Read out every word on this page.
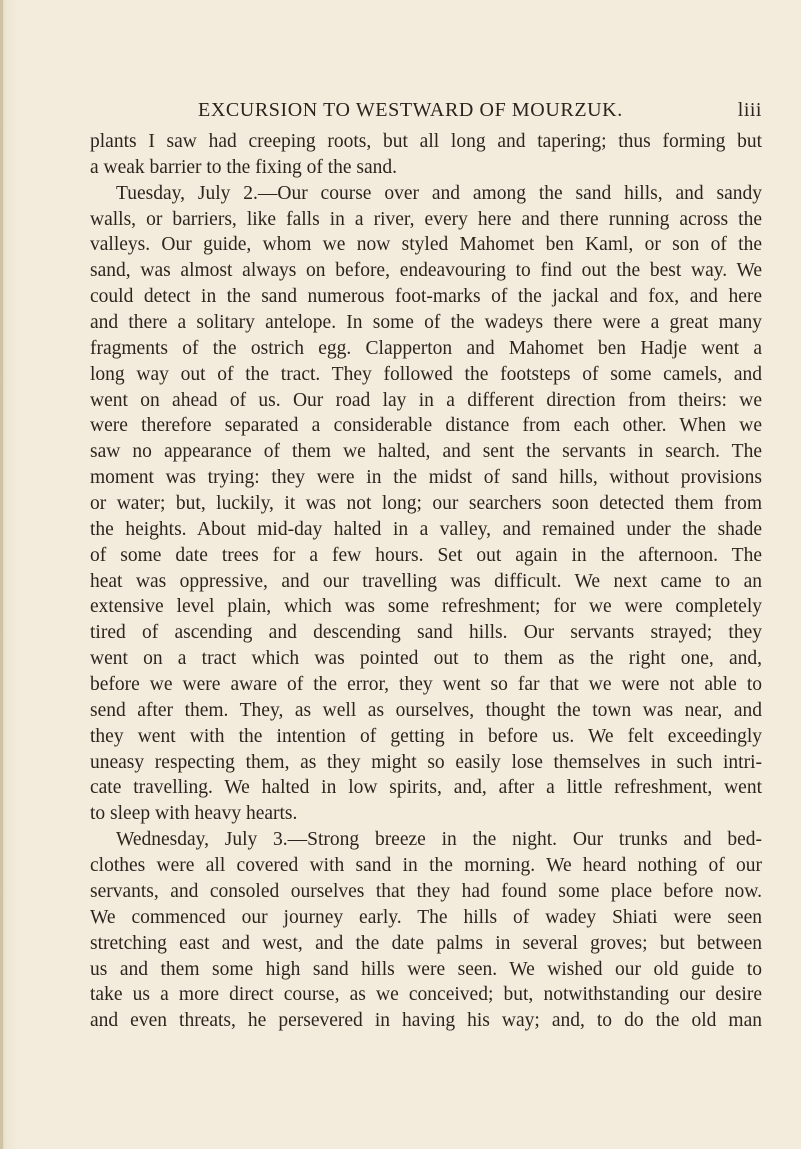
EXCURSION TO WESTWARD OF MOURZUK.	liii
plants I saw had creeping roots, but all long and tapering; thus forming but
a weak barrier to the fixing of the sand.
Tuesday, July 2.—Our course over and among the sand hills, and sandy
walls, or barriers, like falls in a river, every here and there running across the
valleys. Our guide, whom we now styled Mahomet ben Kaml, or son of the
sand, was almost always on before, endeavouring to find out the best way. We
could detect in the sand numerous foot-marks of the jackal and fox, and here
and there a solitary antelope. In some of the wadeys there were a great many
fragments of the ostrich egg. Clapperton and Mahomet ben Hadje went a
long way out of the tract. They followed the footsteps of some camels, and
went on ahead of us. Our road lay in a different direction from theirs: we
were therefore separated a considerable distance from each other. When we
saw no appearance of them we halted, and sent the servants in search. The
moment was trying: they were in the midst of sand hills, without provisions
or water; but, luckily, it was not long; our searchers soon detected them from
the heights. About mid-day halted in a valley, and remained under the shade
of some date trees for a few hours. Set out again in the afternoon. The
heat was oppressive, and our travelling was difficult. We next came to an
extensive level plain, which was some refreshment; for we were completely
tired of ascending and descending sand hills. Our servants strayed; they
went on a tract which was pointed out to them as the right one, and,
before we were aware of the error, they went so far that we were not able to
send after them. They, as well as ourselves, thought the town was near, and
they went with the intention of getting in before us. We felt exceedingly
uneasy respecting them, as they might so easily lose themselves in such intri-
cate travelling. We halted in low spirits, and, after a little refreshment, went
to sleep with heavy hearts.
Wednesday, July 3.—Strong breeze in the night. Our trunks and bed-
clothes were all covered with sand in the morning. We heard nothing of our
servants, and consoled ourselves that they had found some place before now.
We commenced our journey early. The hills of wadey Shiati were seen
stretching east and west, and the date palms in several groves; but between
us and them some high sand hills were seen. We wished our old guide to
take us a more direct course, as we conceived; but, notwithstanding our desire
and even threats, he persevered in having his way; and, to do the old man
